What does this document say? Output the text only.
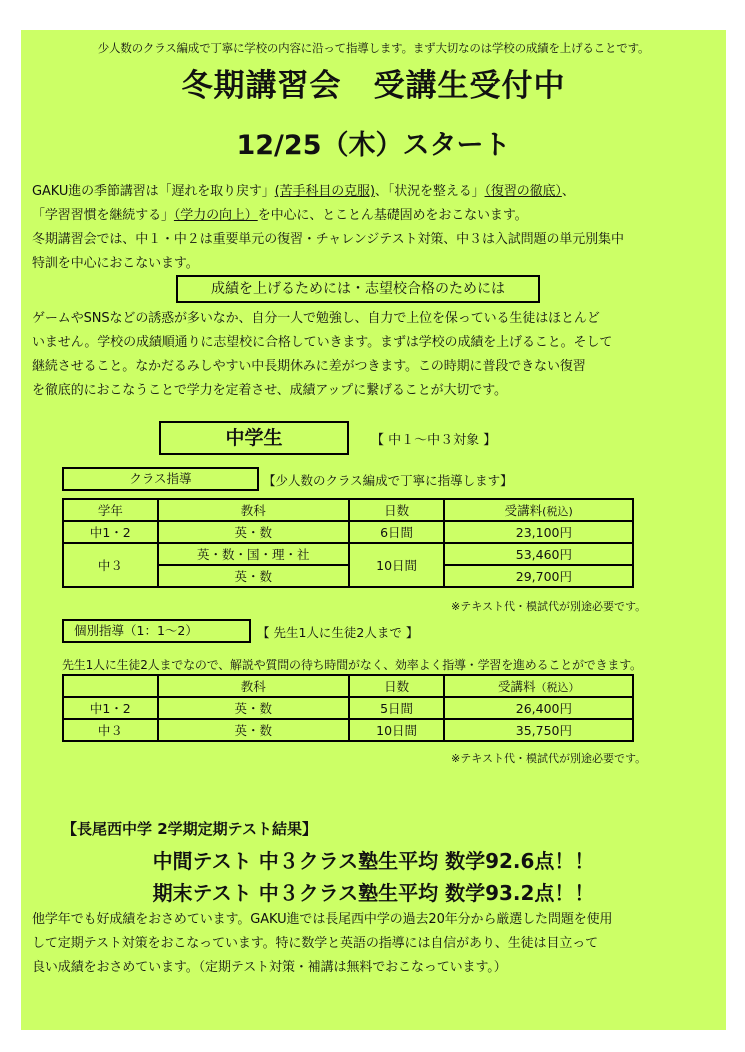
少人数のクラス編成で丁寧に学校の内容に沿って指導します。まず大切なのは学校の成績を上げることです。
冬期講習会　受講生受付中
12/25（木）スタート
GAKU進の季節講習は「遅れを取り戻す」(苦手科目の克服)、「状況を整える」（復習の徹底）、
「学習習慣を継続する」（学力の向上）を中心に、とことん基礎固めをおこないます。
冬期講習会では、中１・中２は重要単元の復習・チャレンジテスト対策、中３は入試問題の単元別集中
特訓を中心におこないます。
成績を上げるためには・志望校合格のためには
ゲームやSNSなどの誘惑が多いなか、自分一人で勉強し、自力で上位を保っている生徒はほとんど
いません。学校の成績順通りに志望校に合格していきます。まずは学校の成績を上げること。そして
継続させること。なかだるみしやすい中長期休みに差がつきます。この時期に普段できない復習
を徹底的におこなうことで学力を定着させ、成績アップに繋げることが大切です。
中学生	【 中１～中３対象 】
クラス指導	【少人数のクラス編成で丁寧に指導します】
学年	教科	日数	受講料(税込)
中1・2	英・数	6日間	23,100円
中３	英・数・国・理・社	10日間	53,460円
	英・数		29,700円
※テキスト代・模試代が別途必要です。
個別指導（1：1～2）	【 先生1人に生徒2人まで 】
先生1人に生徒2人までなので、解説や質問の待ち時間がなく、効率よく指導・学習を進めることができます。
	教科	日数	受講料（税込）
中1・2	英・数	5日間	26,400円
中３	英・数	10日間	35,750円
※テキスト代・模試代が別途必要です。
【長尾西中学 2学期定期テスト結果】
中間テスト 中３クラス塾生平均 数学92.6点！！
期末テスト 中３クラス塾生平均 数学93.2点！！
他学年でも好成績をおさめています。GAKU進では長尾西中学の過去20年分から厳選した問題を使用
して定期テスト対策をおこなっています。特に数学と英語の指導には自信があり、生徒は目立って
良い成績をおさめています。（定期テスト対策・補講は無料でおこなっています。）
